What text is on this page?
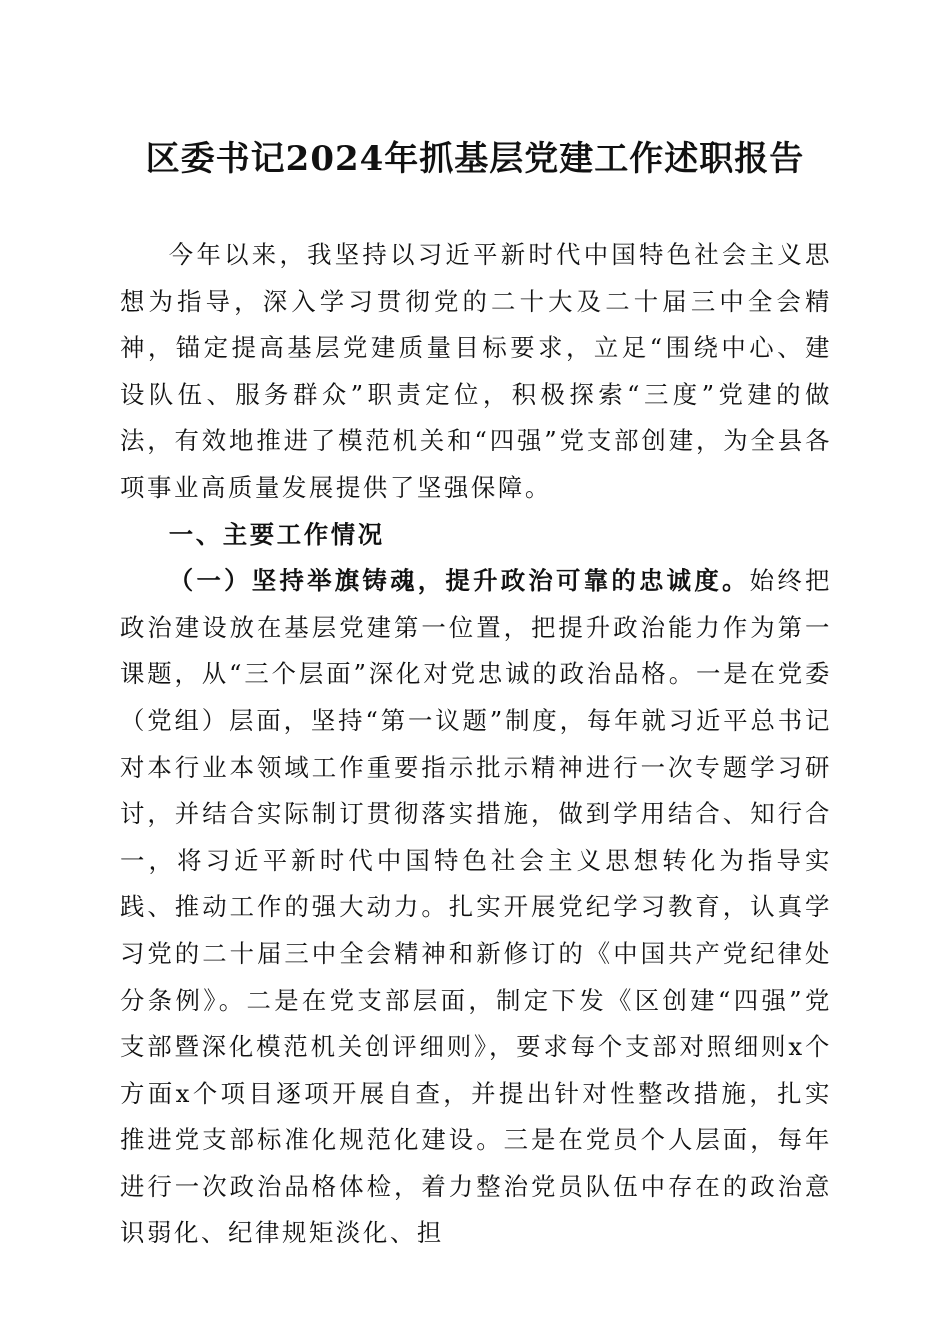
区委书记2024年抓基层党建工作述职报告

今年以来，我坚持以习近平新时代中国特色社会主义思想为指导，深入学习贯彻党的二十大及二十届三中全会精神，锚定提高基层党建质量目标要求，立足“围绕中心、建设队伍、服务群众”职责定位，积极探索“三度”党建的做法，有效地推进了模范机关和“四强”党支部创建，为全县各项事业高质量发展提供了坚强保障。

一、主要工作情况

（一）坚持举旗铸魂，提升政治可靠的忠诚度。始终把政治建设放在基层党建第一位置，把提升政治能力作为第一课题，从“三个层面”深化对党忠诚的政治品格。一是在党委（党组）层面，坚持“第一议题”制度，每年就习近平总书记对本行业本领域工作重要指示批示精神进行一次专题学习研讨，并结合实际制订贯彻落实措施，做到学用结合、知行合一，将习近平新时代中国特色社会主义思想转化为指导实践、推动工作的强大动力。扎实开展党纪学习教育，认真学习党的二十届三中全会精神和新修订的《中国共产党纪律处分条例》。二是在党支部层面，制定下发《区创建“四强”党支部暨深化模范机关创评细则》，要求每个支部对照细则x个方面x个项目逐项开展自查，并提出针对性整改措施，扎实推进党支部标准化规范化建设。三是在党员个人层面，每年进行一次政治品格体检，着力整治党员队伍中存在的政治意识弱化、纪律规矩淡化、担
